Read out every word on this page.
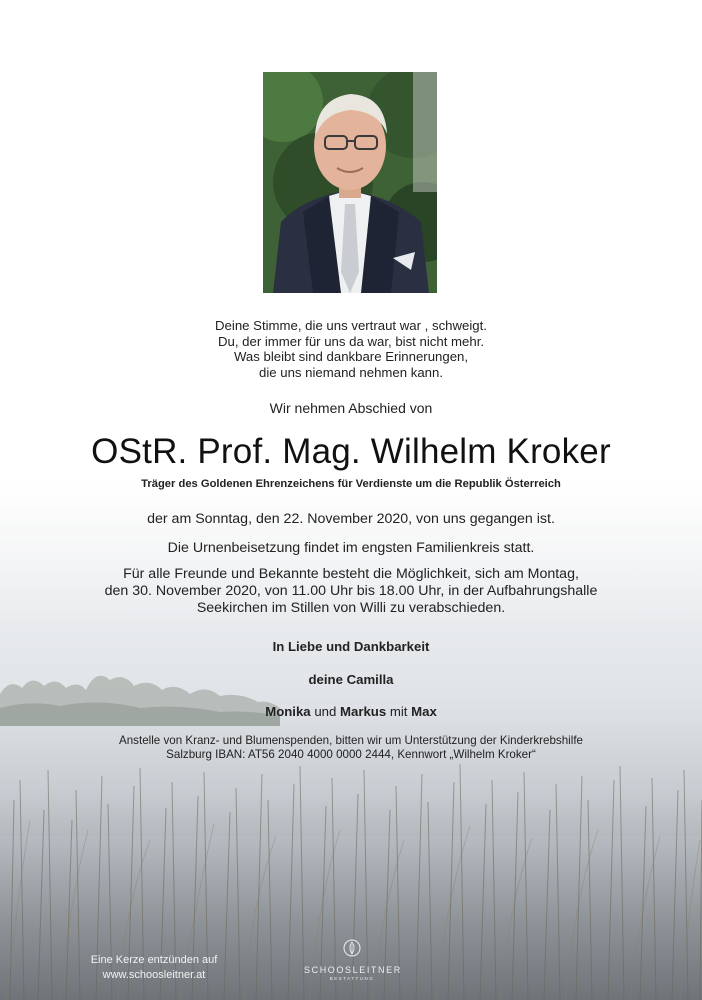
Deine Stimme, die uns vertraut war , schweigt.
Du, der immer für uns da war, bist nicht mehr.
Was bleibt sind dankbare Erinnerungen,
die uns niemand nehmen kann.
Wir nehmen Abschied von
OStR. Prof. Mag. Wilhelm Kroker
Träger des Goldenen Ehrenzeichens für Verdienste um die Republik Österreich
der am Sonntag, den 22. November 2020, von uns gegangen ist.
Die Urnenbeisetzung findet im engsten Familienkreis statt.
Für alle Freunde und Bekannte besteht die Möglichkeit, sich am Montag,
den 30. November 2020, von 11.00 Uhr bis 18.00 Uhr, in der Aufbahrungshalle
Seekirchen im Stillen von Willi zu verabschieden.
In Liebe und Dankbarkeit
deine Camilla
Monika und Markus mit Max
Anstelle von Kranz- und Blumenspenden, bitten wir um Unterstützung der Kinderkrebshilfe
Salzburg IBAN: AT56 2040 4000 0000 2444, Kennwort „Wilhelm Kroker“
Eine Kerze entzünden auf
www.schoosleitner.at	SCHOOSLEITNER
BESTATTUNG
